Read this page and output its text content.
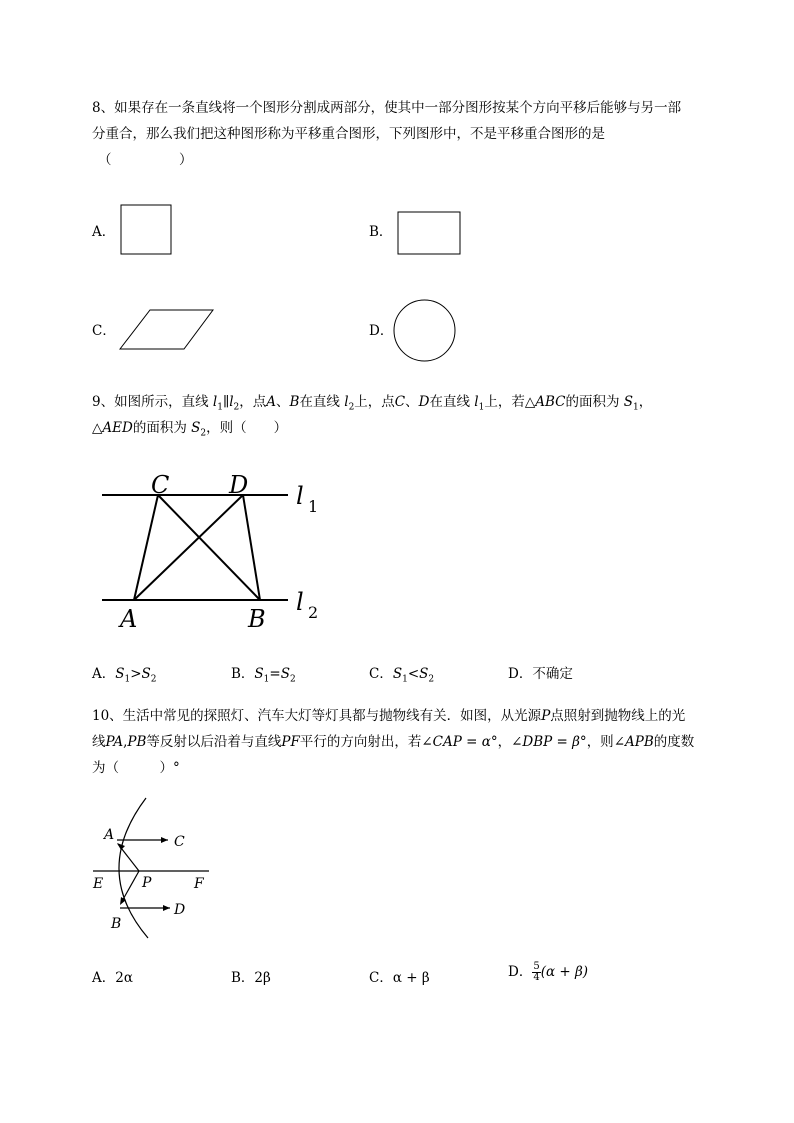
8、如果存在一条直线将一个图形分割成两部分，使其中一部分图形按某个方向平移后能够与另一部
分重合，那么我们把这种图形称为平移重合图形，下列图形中，不是平移重合图形的是
（　　　　　）
A．	B．
C．	D．
9、如图所示，直线 $l_1\parallel l_2$，点A、B在直线 $l_2$上，点C、D在直线 $l_1$上，若△ABC的面积为 $S_1$，
△AED的面积为 $S_2$，则（　　）
C D
A	B
l 1
l 2
A．$S_1>S_2$	B．$S_1=S_2$	C．$S_1<S_2$	D．不确定
10、生活中常见的探照灯、汽车大灯等灯具都与抛物线有关．如图，从光源P点照射到抛物线上的光
线PA,PB等反射以后沿着与直线PF平行的方向射出，若∠CAP = α°，∠DBP = β°，则∠APB的度数
为（　　　）°
A	C
E	P	F
B
D
A．2α	B．2β	C．α + β	D． $\frac{5}{4} (\alpha + \beta)$
